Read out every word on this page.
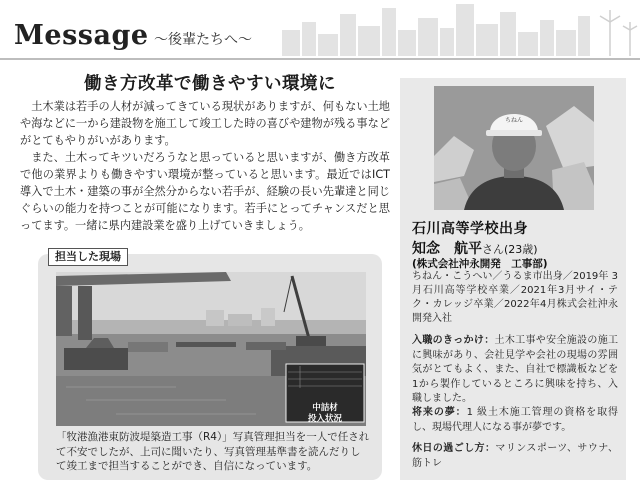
Message 〜後輩たちへ〜
働き方改革で働きやすい環境に

土木業は若手の人材が減ってきている現状がありますが、何もない土地や海などに一から建設物を施工して竣工した時の喜びや建物が残る事などがとてもやりがいがあります。

また、土木ってキツいだろうなと思っていると思いますが、働き方改革で他の業界よりも働きやすい環境が整っていると思います。最近ではICT導入で土木・建築の事が全然分からない若手が、経験の長い先輩達と同じぐらいの能力を持つことが可能になります。若手にとってチャンスだと思ってます。一緒に県内建設業を盛り上げていきましょう。

担当した現場
中詰材
投入状況
「牧港漁港東防波堤築造工事（R4）」写真管理担当を一人で任されて不安でしたが、上司に聞いたり、写真管理基準書を読んだりして竣工まで担当することができ、自信になっています。
ちねん
石川高等学校出身
知念　航平さん(23歳)
(株式会社沖永開発　工事部)
ちねん・こうへい／うるま市出身／2019年 3月石川高等学校卒業／2021年3月サイ・テク・カレッジ卒業／2022年4月株式会社沖永開発入社
入職のきっかけ：土木工事や安全施設の施工に興味があり、会社見学や会社の現場の雰囲気がとてもよく、また、自社で標識板などを1から製作しているところに興味を持ち、入職しました。
将来の夢：1 級土木施工管理の資格を取得し、現場代理人になる事が夢です。
休日の過ごし方：マリンスポーツ、サウナ、筋トレ
